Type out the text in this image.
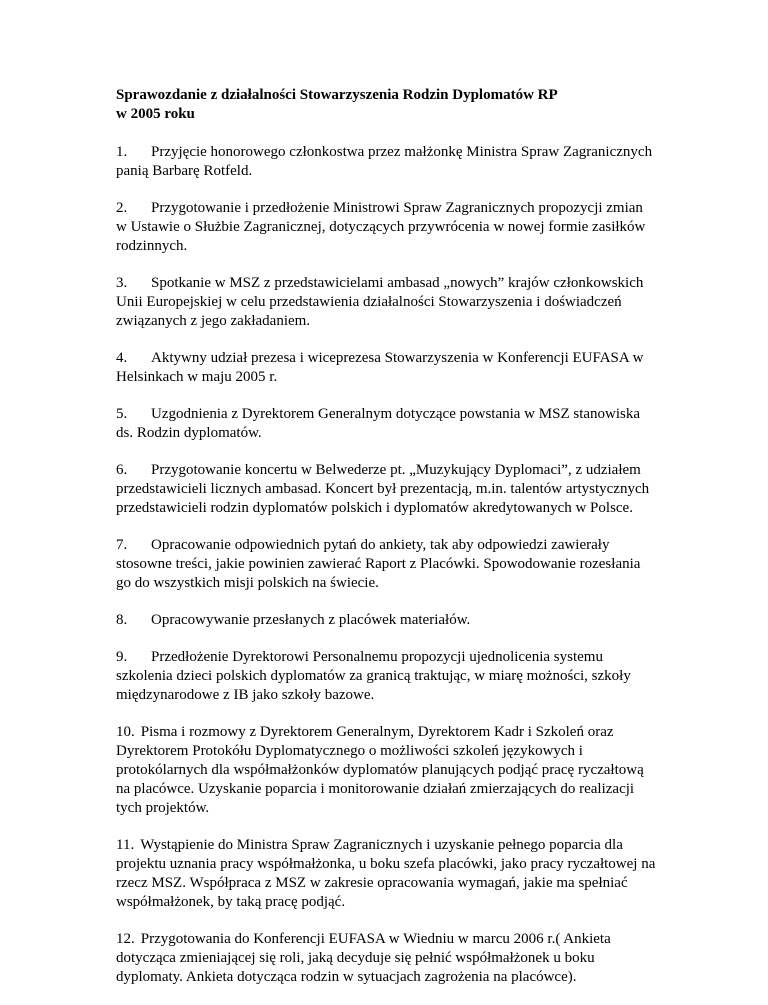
Sprawozdanie z działalności Stowarzyszenia Rodzin Dyplomatów RP
w 2005 roku

1. Przyjęcie honorowego członkostwa przez małżonkę Ministra Spraw Zagranicznych panią Barbarę Rotfeld.

2. Przygotowanie i przedłożenie Ministrowi Spraw Zagranicznych propozycji zmian w Ustawie o Służbie Zagranicznej, dotyczących przywrócenia w nowej formie zasiłków rodzinnych.

3. Spotkanie w MSZ z przedstawicielami ambasad „nowych” krajów członkowskich Unii Europejskiej w celu przedstawienia działalności Stowarzyszenia i doświadczeń związanych z jego zakładaniem.

4. Aktywny udział prezesa i wiceprezesa Stowarzyszenia w Konferencji EUFASA w Helsinkach w maju 2005 r.

5. Uzgodnienia z Dyrektorem Generalnym dotyczące powstania w MSZ stanowiska ds. Rodzin dyplomatów.

6. Przygotowanie koncertu w Belwederze pt. „Muzykujący Dyplomaci”, z udziałem przedstawicieli licznych ambasad. Koncert był prezentacją, m.in. talentów artystycznych przedstawicieli rodzin dyplomatów polskich i dyplomatów akredytowanych w Polsce.

7. Opracowanie odpowiednich pytań do ankiety, tak aby odpowiedzi zawierały stosowne treści, jakie powinien zawierać Raport z Placówki. Spowodowanie rozesłania go do wszystkich misji polskich na świecie.

8. Opracowywanie przesłanych z placówek materiałów.

9. Przedłożenie Dyrektorowi Personalnemu propozycji ujednolicenia systemu szkolenia dzieci polskich dyplomatów za granicą traktując, w miarę możności, szkoły międzynarodowe z IB jako szkoły bazowe.

10. Pisma i rozmowy z Dyrektorem Generalnym, Dyrektorem Kadr i Szkoleń oraz Dyrektorem Protokółu Dyplomatycznego o możliwości szkoleń językowych i protokólarnych dla współmałżonków dyplomatów planujących podjąć pracę ryczałtową na placówce. Uzyskanie poparcia i monitorowanie działań zmierzających do realizacji tych projektów.

11. Wystąpienie do Ministra Spraw Zagranicznych i uzyskanie pełnego poparcia dla projektu uznania pracy współmałżonka, u boku szefa placówki, jako pracy ryczałtowej na rzecz MSZ. Współpraca z MSZ w zakresie opracowania wymagań, jakie ma spełniać współmałżonek, by taką pracę podjąć.

12. Przygotowania do Konferencji EUFASA w Wiedniu w marcu 2006 r.( Ankieta dotycząca zmieniającej się roli, jaką decyduje się pełnić współmałżonek u boku dyplomaty. Ankieta dotycząca rodzin w sytuacjach zagrożenia na placówce).
